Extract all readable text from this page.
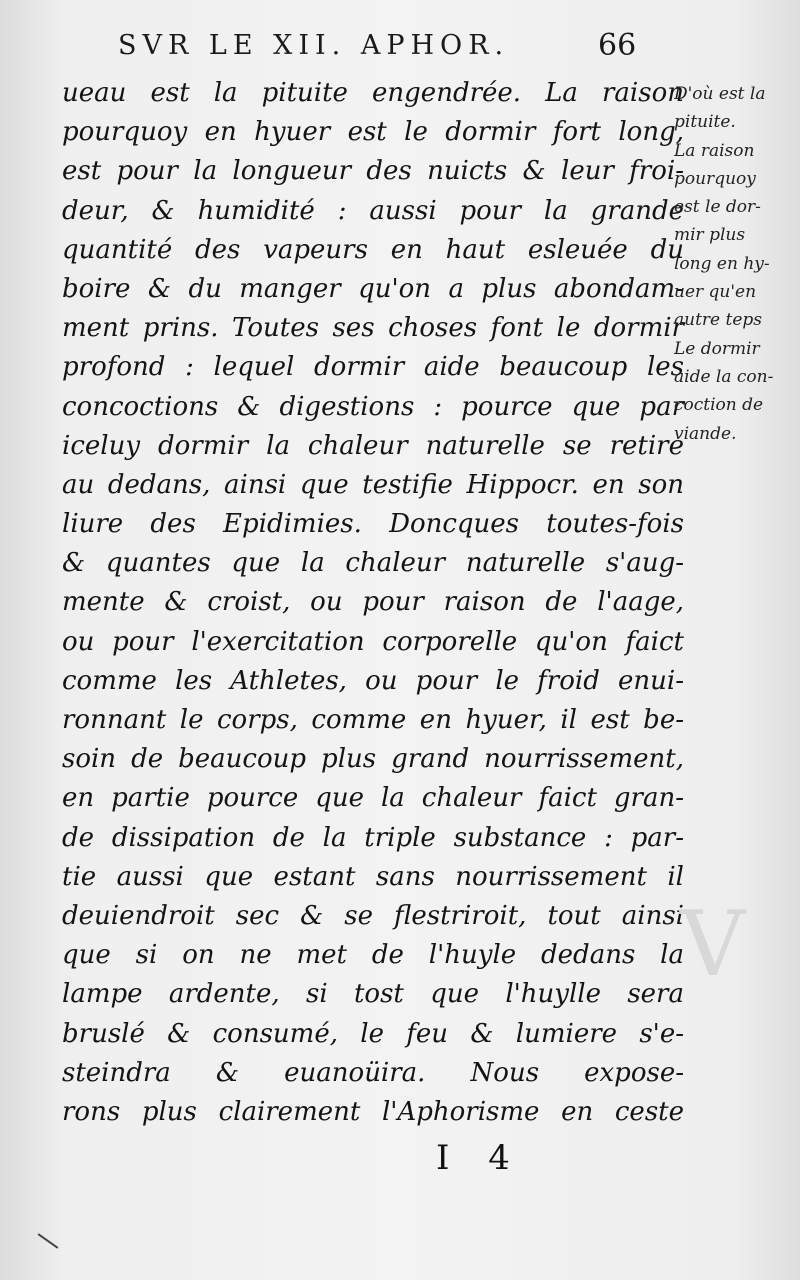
SVR LE XII. APHOR.	66
ueau est la pituite engendrée. La raison
pourquoy en hyuer est le dormir fort long,
est pour la longueur des nuicts & leur froi-
deur, & humidité : aussi pour la grande
quantité des vapeurs en haut esleuée du
boire & du manger qu'on a plus abondam-
ment prins. Toutes ses choses font le dormir
profond : lequel dormir aide beaucoup les
concoctions & digestions : pource que par
iceluy dormir la chaleur naturelle se retire
au dedans, ainsi que testifie Hippocr. en son
liure des Epidimies. Doncques toutes-fois
& quantes que la chaleur naturelle s'aug-
mente & croist, ou pour raison de l'aage,
ou pour l'exercitation corporelle qu'on faict
comme les Athletes, ou pour le froid enui-
ronnant le corps, comme en hyuer, il est be-
soin de beaucoup plus grand nourrissement,
en partie pource que la chaleur faict gran-
de dissipation de la triple substance : par-
tie aussi que estant sans nourrissement il
deuiendroit sec & se flestriroit, tout ainsi
que si on ne met de l'huyle dedans la
lampe ardente, si tost que l'huylle sera
bruslé & consumé, le feu & lumiere s'e-
steindra & euanoüira. Nous expose-
rons plus clairement l'Aphorisme en ceste
D'où est la
pituite.
La raison
pourquoy
est le dor-
mir plus
long en hy-
uer qu'en
autre teps
Le dormir
aide la con-
coction de
viande.
V
I 4
